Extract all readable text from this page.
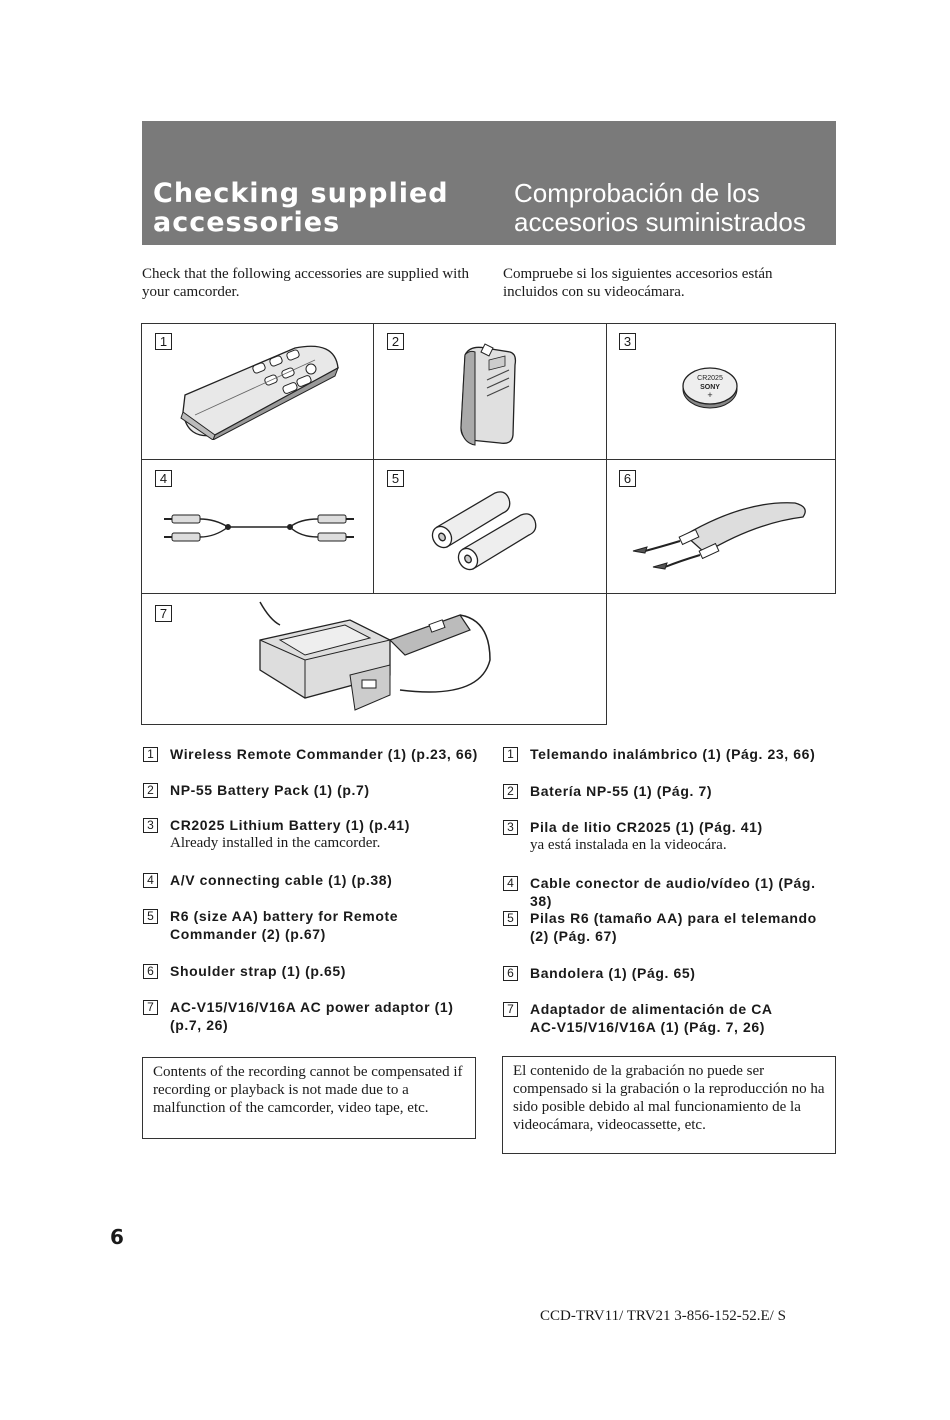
Checking supplied accessories
Comprobación de los accesorios suministrados
Check that the following accessories are supplied with your camcorder.
Compruebe si los siguientes accesorios están incluidos con su videocámara.
1	2	3
4	5	6
7
CR2025
SONY
+
1 Wireless Remote Commander (1) (p.23, 66)
2 NP-55 Battery Pack (1) (p.7)
3 CR2025 Lithium Battery (1) (p.41)
Already installed in the camcorder.
4 A/V connecting cable (1) (p.38)
5 R6 (size AA) battery for Remote Commander (2) (p.67)
6 Shoulder strap (1) (p.65)
7 AC-V15/V16/V16A AC power adaptor (1) (p.7, 26)
1 Telemando inalámbrico (1) (Pág. 23, 66)
2 Batería NP-55 (1) (Pág. 7)
3 Pila de litio CR2025 (1) (Pág. 41)
ya está instalada en la videocára.
4 Cable conector de audio/vídeo (1) (Pág. 38)
5 Pilas R6 (tamaño AA) para el telemando (2) (Pág. 67)
6 Bandolera (1) (Pág. 65)
7 Adaptador de alimentación de CA AC-V15/V16/V16A (1) (Pág. 7, 26)
Contents of the recording cannot be compensated if recording or playback is not made due to a malfunction of the camcorder, video tape, etc.
El contenido de la grabación no puede ser compensado si la grabación o la reproducción no ha sido posible debido al mal funcionamiento de la videocámara, videocassette, etc.
6
CCD-TRV11/ TRV21 3-856-152-52.E/ S
